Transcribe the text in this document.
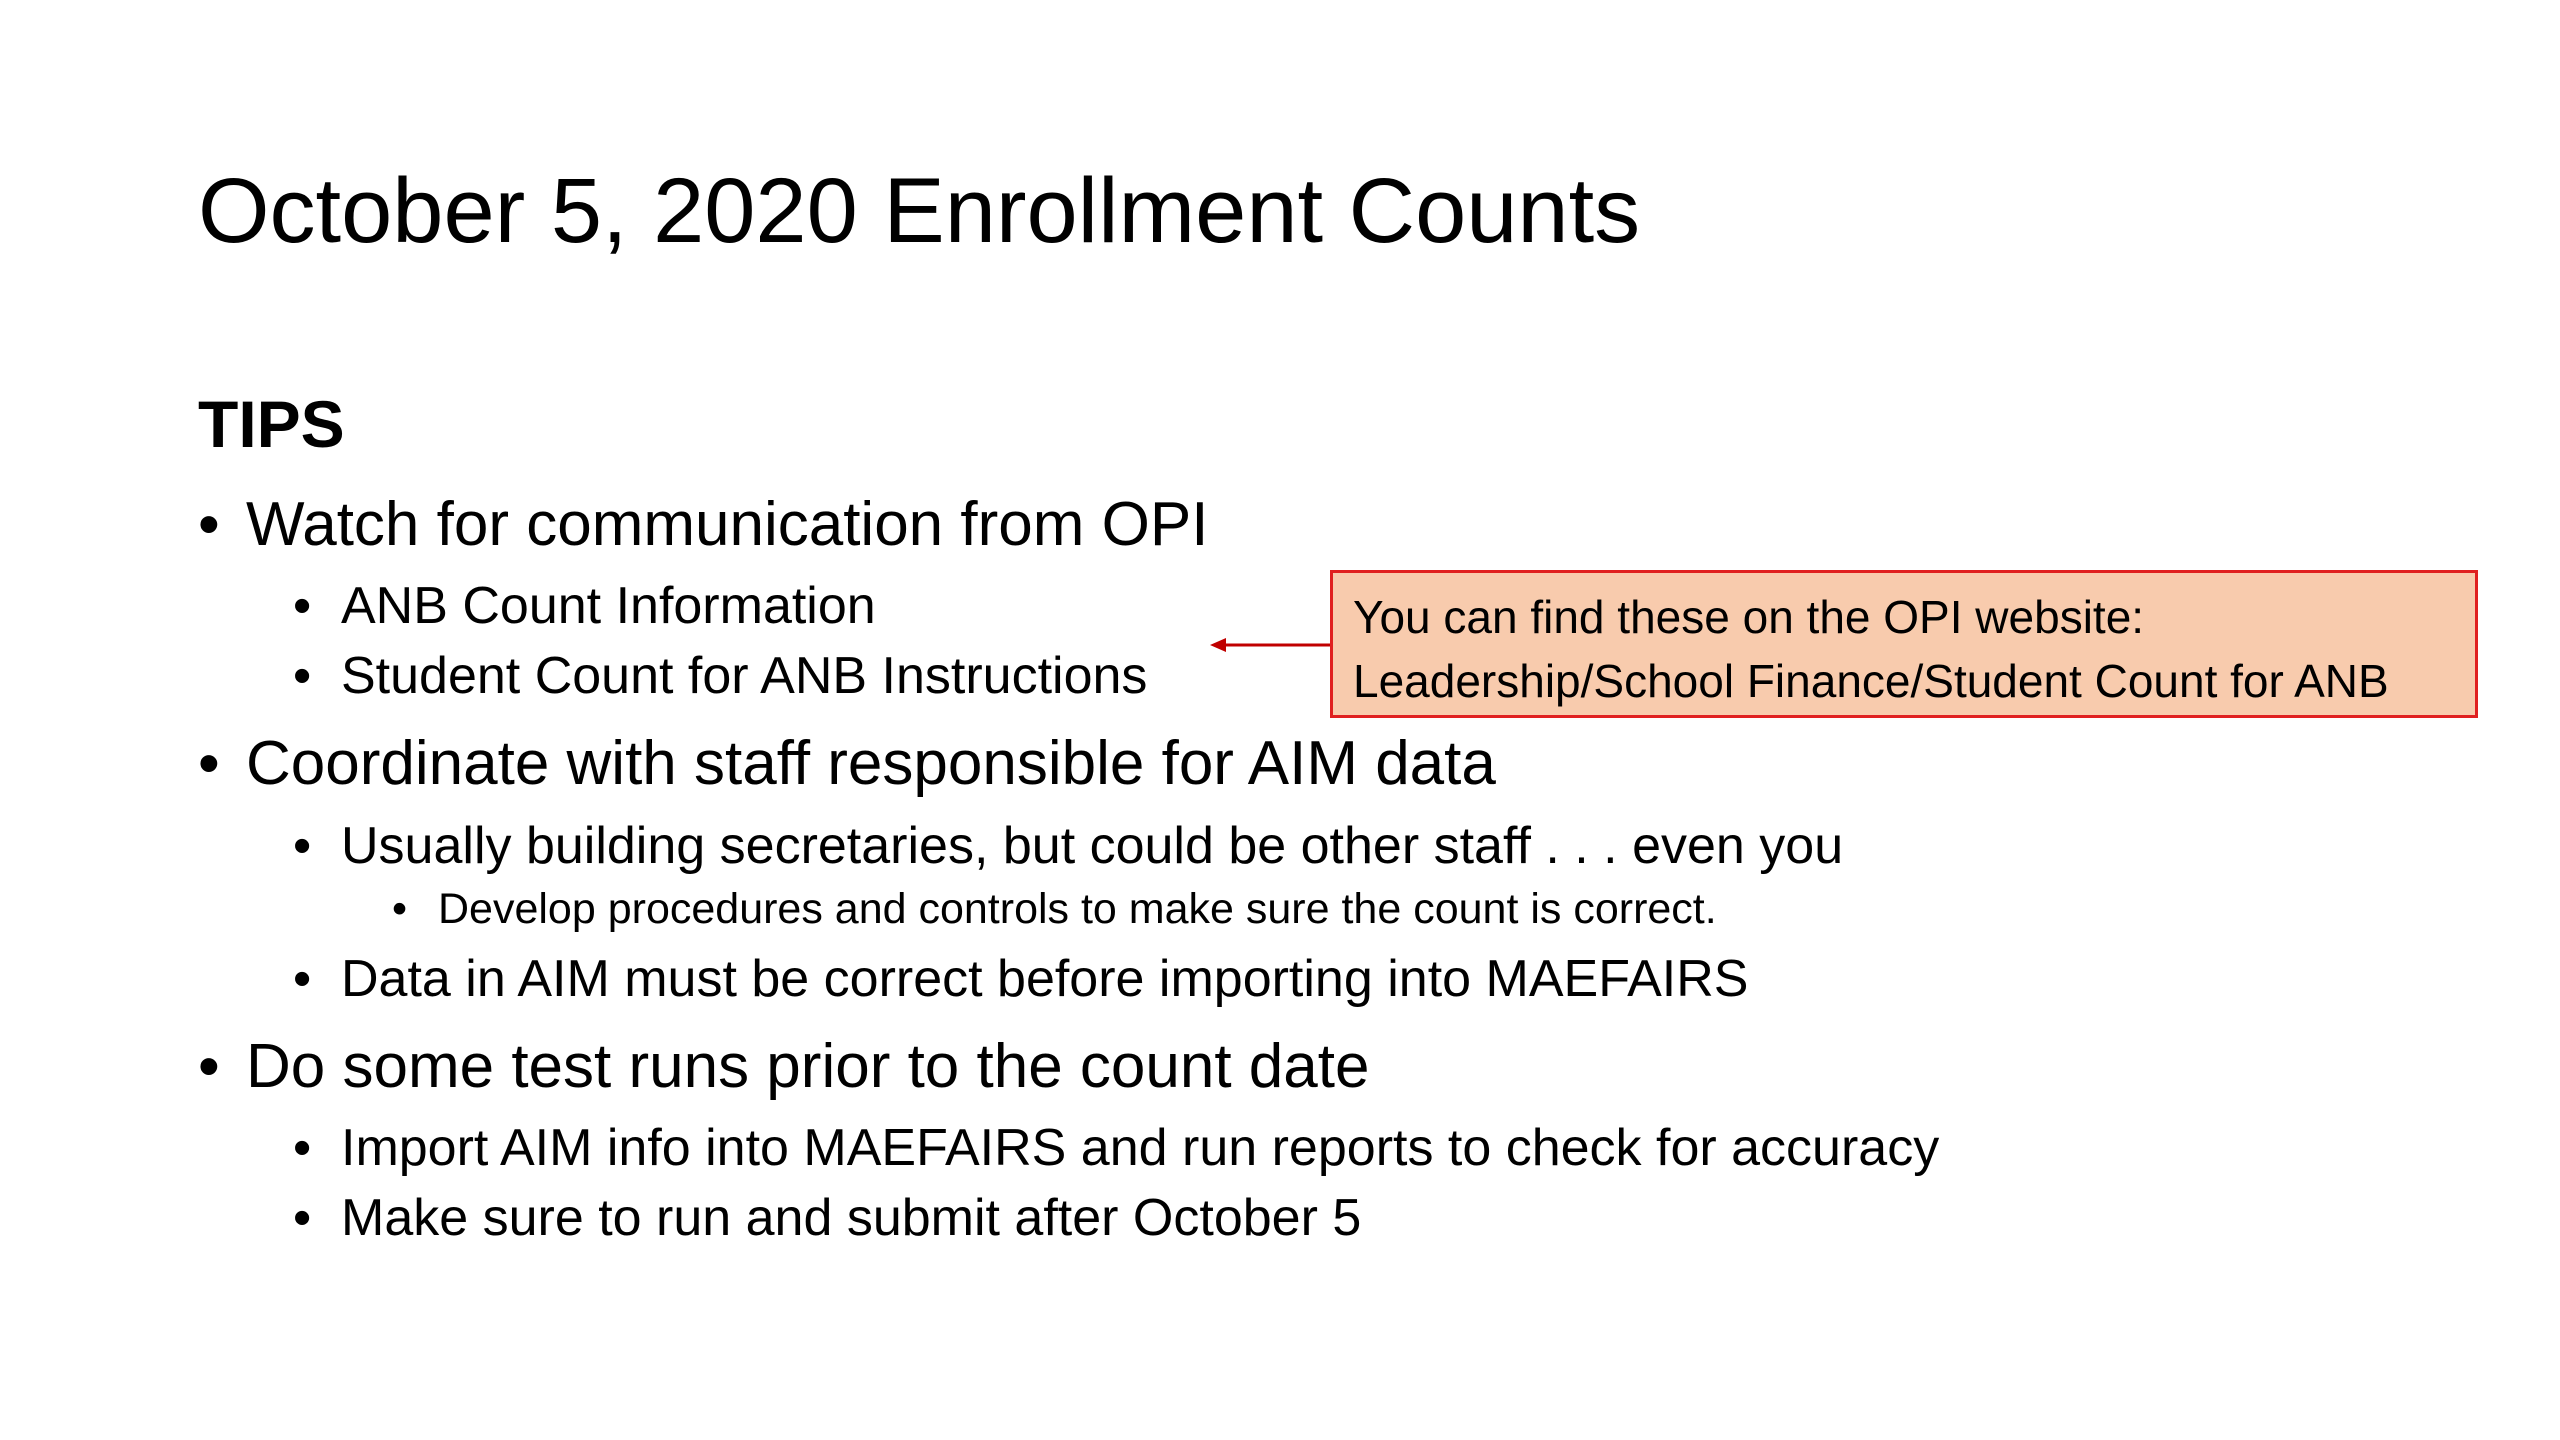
October 5, 2020 Enrollment Counts
TIPS
• Watch for communication from OPI
• ANB Count Information
• Student Count for ANB Instructions
• Coordinate with staff responsible for AIM data
• Usually building secretaries, but could be other staff . . . even you
• Develop procedures and controls to make sure the count is correct.
• Data in AIM must be correct before importing into MAEFAIRS
• Do some test runs prior to the count date
• Import AIM info into MAEFAIRS and run reports to check for accuracy
• Make sure to run and submit after October 5
You can find these on the OPI website:
Leadership/School Finance/Student Count for ANB
